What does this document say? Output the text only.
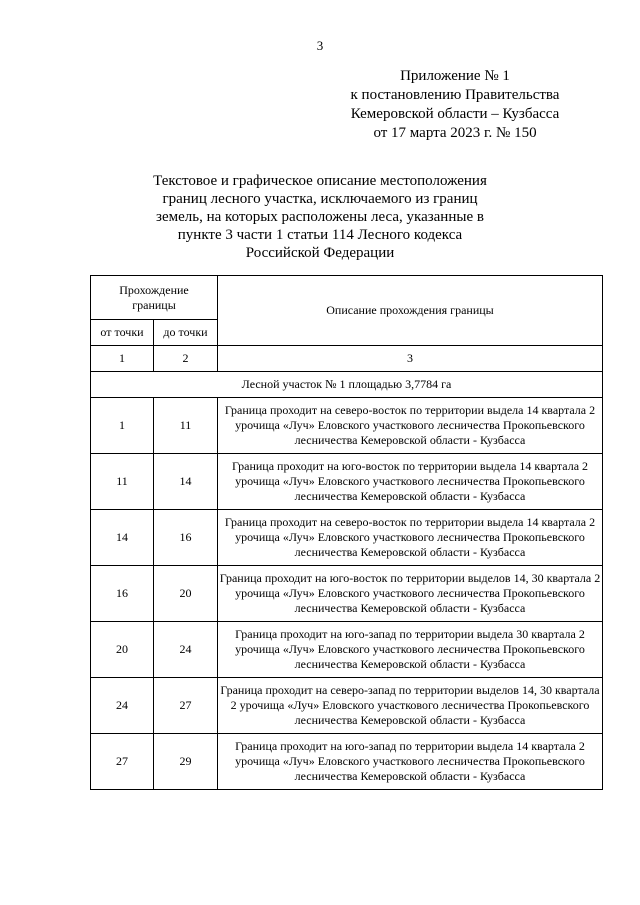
3
Приложение № 1
к постановлению Правительства
Кемеровской области – Кузбасса
от 17 марта 2023 г. № 150
Текстовое и графическое описание местоположения
границ лесного участка, исключаемого из границ
земель, на которых расположены леса, указанные в
пункте 3 части 1 статьи 114 Лесного кодекса
Российской Федерации
Прохождение границы		Описание прохождения границы
от точки	до точки	
1	2	3
Лесной участок № 1 площадью 3,7784 га		
1	11	Граница проходит на северо-восток по территории выдела 14 квартала 2 урочища «Луч» Еловского участкового лесничества Прокопьевского лесничества Кемеровской области - Кузбасса
11	14	Граница проходит на юго-восток по территории выдела 14 квартала 2 урочища «Луч» Еловского участкового лесничества Прокопьевского лесничества Кемеровской области - Кузбасса
14	16	Граница проходит на северо-восток по территории выдела 14 квартала 2 урочища «Луч» Еловского участкового лесничества Прокопьевского лесничества Кемеровской области - Кузбасса
16	20	Граница проходит на юго-восток по территории выделов 14, 30 квартала 2 урочища «Луч» Еловского участкового лесничества Прокопьевского лесничества Кемеровской области - Кузбасса
20	24	Граница проходит на юго-запад по территории выдела 30 квартала 2 урочища «Луч» Еловского участкового лесничества Прокопьевского лесничества Кемеровской области - Кузбасса
24	27	Граница проходит на северо-запад по территории выделов 14, 30 квартала 2 урочища «Луч» Еловского участкового лесничества Прокопьевского лесничества Кемеровской области - Кузбасса
27	29	Граница проходит на юго-запад по территории выдела 14 квартала 2 урочища «Луч» Еловского участкового лесничества Прокопьевского лесничества Кемеровской области - Кузбасса
